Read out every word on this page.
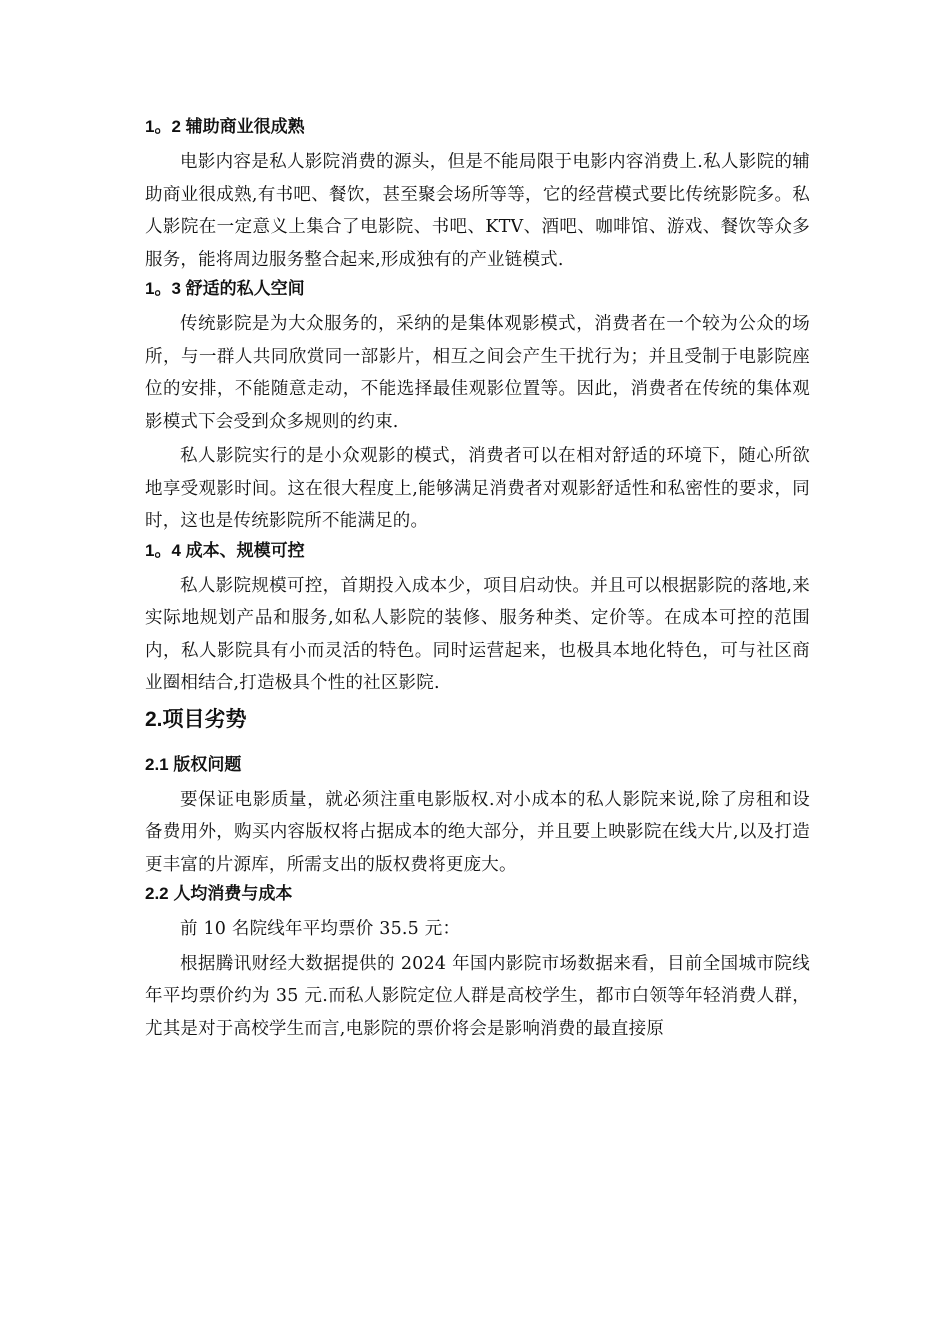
1。2 辅助商业很成熟
电影内容是私人影院消费的源头，但是不能局限于电影内容消费上.私人影院的辅助商业很成熟,有书吧、餐饮，甚至聚会场所等等，它的经营模式要比传统影院多。私人影院在一定意义上集合了电影院、书吧、KTV、酒吧、咖啡馆、游戏、餐饮等众多服务，能将周边服务整合起来,形成独有的产业链模式.
1。3 舒适的私人空间
传统影院是为大众服务的，采纳的是集体观影模式，消费者在一个较为公众的场所，与一群人共同欣赏同一部影片，相互之间会产生干扰行为；并且受制于电影院座位的安排，不能随意走动，不能选择最佳观影位置等。因此，消费者在传统的集体观影模式下会受到众多规则的约束.
私人影院实行的是小众观影的模式，消费者可以在相对舒适的环境下，随心所欲地享受观影时间。这在很大程度上,能够满足消费者对观影舒适性和私密性的要求，同时，这也是传统影院所不能满足的。
1。4 成本、规模可控
私人影院规模可控，首期投入成本少，项目启动快。并且可以根据影院的落地,来实际地规划产品和服务,如私人影院的装修、服务种类、定价等。在成本可控的范围内，私人影院具有小而灵活的特色。同时运营起来，也极具本地化特色，可与社区商业圈相结合,打造极具个性的社区影院.
2.项目劣势
2.1 版权问题
要保证电影质量，就必须注重电影版权.对小成本的私人影院来说,除了房租和设备费用外，购买内容版权将占据成本的绝大部分，并且要上映影院在线大片,以及打造更丰富的片源库，所需支出的版权费将更庞大。
2.2 人均消费与成本
前 10 名院线年平均票价 35.5 元：
根据腾讯财经大数据提供的 2024 年国内影院市场数据来看，目前全国城市院线年平均票价约为 35 元.而私人影院定位人群是高校学生，都市白领等年轻消费人群，尤其是对于高校学生而言,电影院的票价将会是影响消费的最直接原
